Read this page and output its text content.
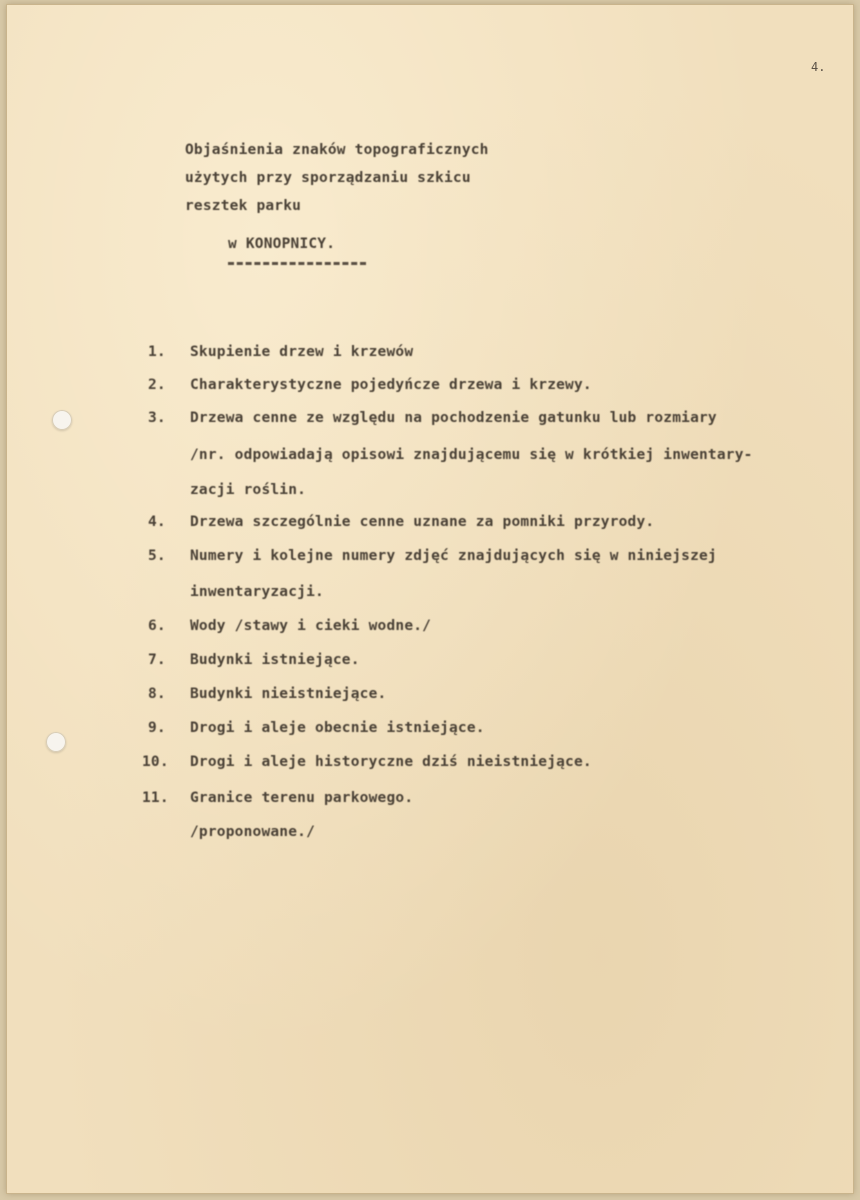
4.
Objaśnienia znaków topograficznych
użytych przy sporządzaniu szkicu
resztek parku
w KONOPNICY.
1. Skupienie drzew i krzewów
2. Charakterystyczne pojedyńcze drzewa i krzewy.
3. Drzewa cenne ze względu na pochodzenie gatunku lub rozmiary
/nr. odpowiadają opisowi znajdującemu się w krótkiej inwentary-
zacji roślin.
4. Drzewa szczególnie cenne uznane za pomniki przyrody.
5. Numery i kolejne numery zdjęć znajdujących się w niniejszej
inwentaryzacji.
6. Wody /stawy i cieki wodne./
7. Budynki istniejące.
8. Budynki nieistniejące.
9. Drogi i aleje obecnie istniejące.
10. Drogi i aleje historyczne dziś nieistniejące.
11. Granice terenu parkowego.
/proponowane./
